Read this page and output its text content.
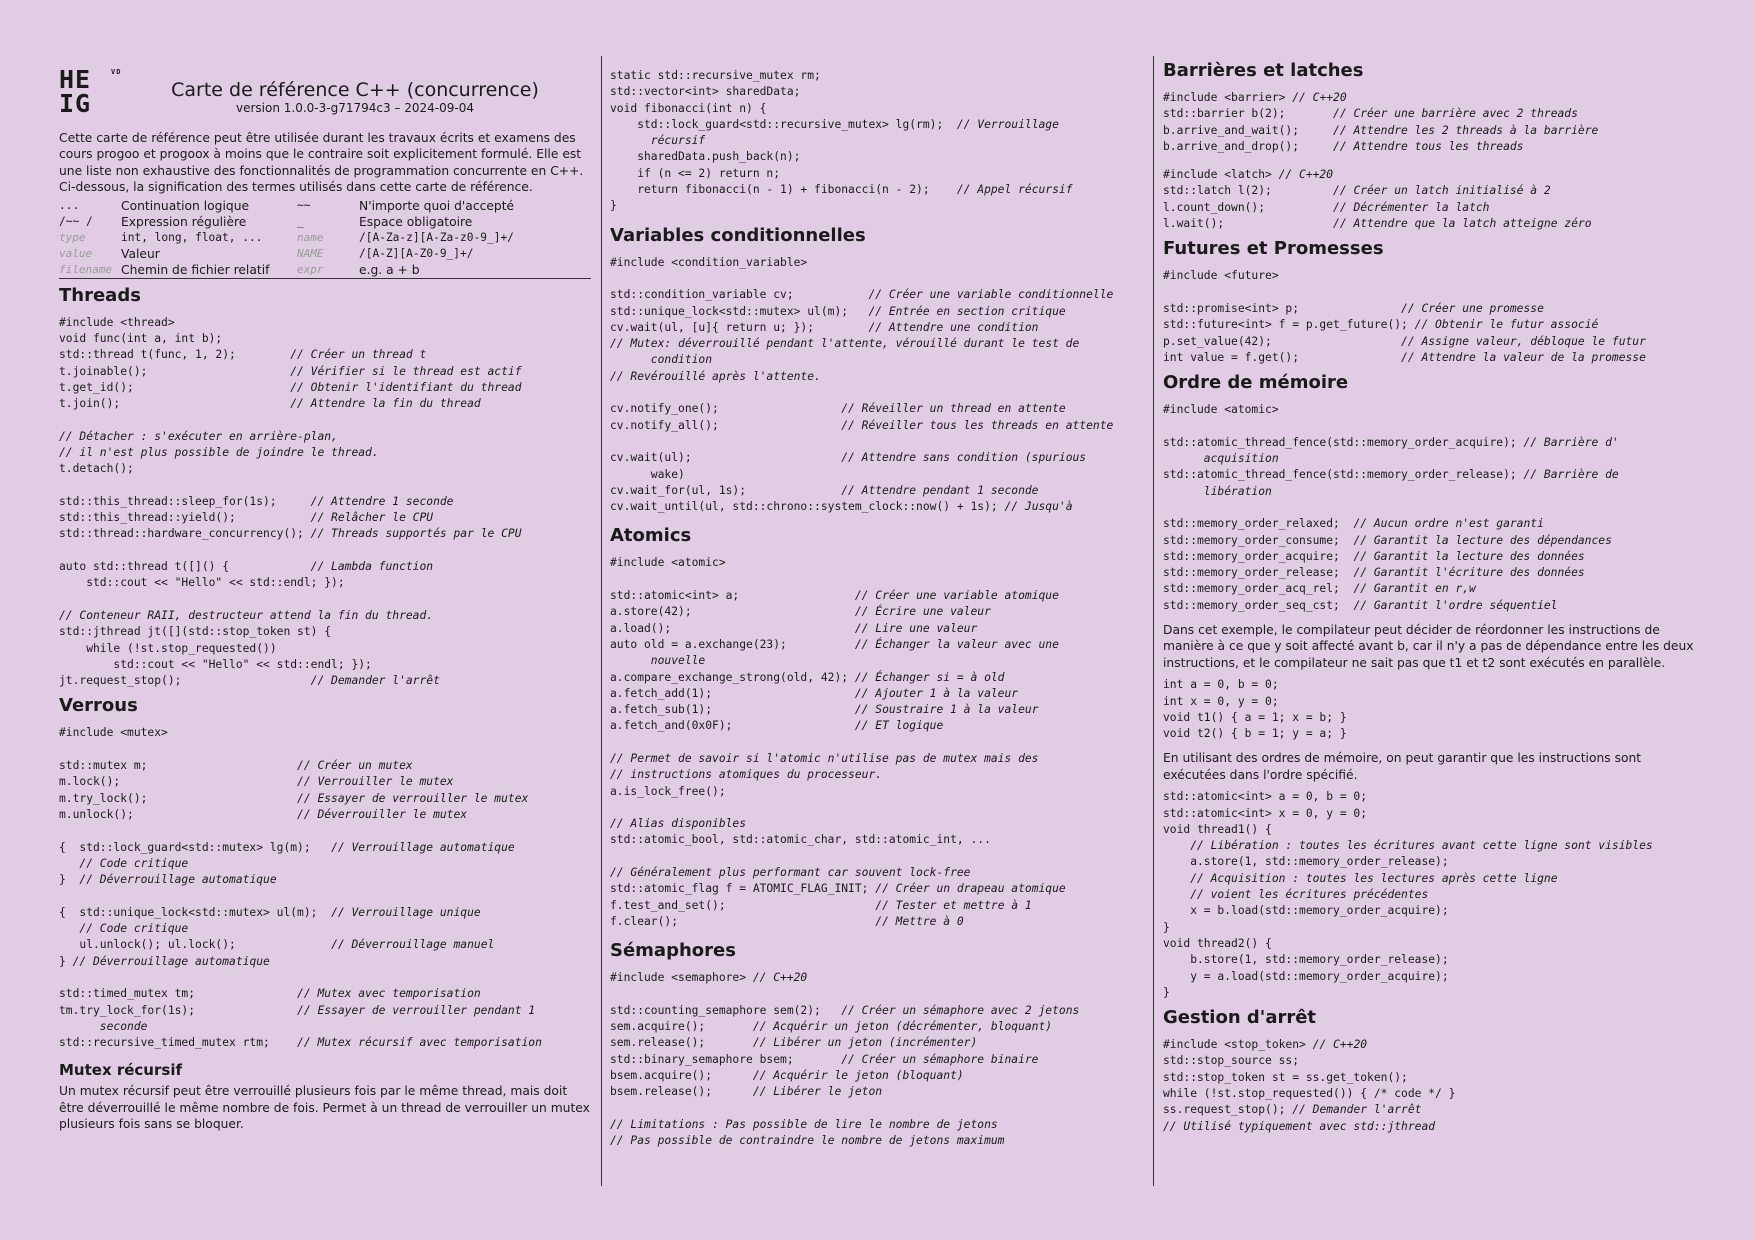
HE
IG
VD
Carte de référence C++ (concurrence)
version 1.0.0-3-g71794c3 – 2024-09-04

Cette carte de référence peut être utilisée durant les travaux écrits et examens des cours progoo et progoox à moins que le contraire soit explicitement formulé. Elle est une liste non exhaustive des fonctionnalités de programmation concurrente en C++. Ci-dessous, la signification des termes utilisés dans cette carte de référence.

...	Continuation logique	~~	N'importe quoi d'accepté
/~~ /	Expression régulière	_	Espace obligatoire
type	int, long, float, ...	name	/[A-Za-z][A-Za-z0-9_]+/
value	Valeur	NAME	/[A-Z][A-Z0-9_]+/
filename	Chemin de fichier relatif	expr	e.g. a + b
Threads
#include <thread>
void func(int a, int b);
std::thread t(func, 1, 2);	// Créer un thread t
t.joinable();	// Vérifier si le thread est actif
t.get_id();	// Obtenir l'identifiant du thread
t.join();	// Attendre la fin du thread

// Détacher : s'exécuter en arrière-plan,
// il n'est plus possible de joindre le thread.
t.detach();

std::this_thread::sleep_for(1s);	// Attendre 1 seconde
std::this_thread::yield();	// Relâcher le CPU
std::thread::hardware_concurrency(); // Threads supportés par le CPU

auto std::thread t([]() {	// Lambda function
std::cout << "Hello" << std::endl; });

// Conteneur RAII, destructeur attend la fin du thread.
std::jthread jt([](std::stop_token st) {
while (!st.stop_requested())
std::cout << "Hello" << std::endl; });
jt.request_stop();	// Demander l'arrêt
Verrous
#include <mutex>

std::mutex m;	// Créer un mutex
m.lock();	// Verrouiller le mutex
m.try_lock();	// Essayer de verrouiller le mutex
m.unlock();	// Déverrouiller le mutex

{  std::lock_guard<std::mutex> lg(m);   // Verrouillage automatique
// Code critique
}  // Déverrouillage automatique

{  std::unique_lock<std::mutex> ul(m);  // Verrouillage unique
// Code critique
ul.unlock(); ul.lock();	// Déverrouillage manuel
} // Déverrouillage automatique

std::timed_mutex tm;	// Mutex avec temporisation
tm.try_lock_for(1s);	// Essayer de verrouiller pendant 1
seconde
std::recursive_timed_mutex rtm;    // Mutex récursif avec temporisation
Mutex récursif

Un mutex récursif peut être verrouillé plusieurs fois par le même thread, mais doit être déverrouillé le même nombre de fois. Permet à un thread de verrouiller un mutex plusieurs fois sans se bloquer.

static std::recursive_mutex rm;
std::vector<int> sharedData;
void fibonacci(int n) {
std::lock_guard<std::recursive_mutex> lg(rm);  // Verrouillage
récursif
sharedData.push_back(n);
if (n <= 2) return n;
return fibonacci(n - 1) + fibonacci(n - 2);    // Appel récursif
}
Variables conditionnelles
#include <condition_variable>

std::condition_variable cv;	// Créer une variable conditionnelle
std::unique_lock<std::mutex> ul(m);   // Entrée en section critique
cv.wait(ul, [u]{ return u; });	// Attendre une condition
// Mutex: déverrouillé pendant l'attente, vérouillé durant le test de
condition
// Revérouillé après l'attente.

cv.notify_one();	// Réveiller un thread en attente
cv.notify_all();	// Réveiller tous les threads en attente

cv.wait(ul);	// Attendre sans condition (spurious
wake)
cv.wait_for(ul, 1s);	// Attendre pendant 1 seconde
cv.wait_until(ul, std::chrono::system_clock::now() + 1s); // Jusqu'à
Atomics
#include <atomic>

std::atomic<int> a;	// Créer une variable atomique
a.store(42);	// Écrire une valeur
a.load();	// Lire une valeur
auto old = a.exchange(23);	// Échanger la valeur avec une
nouvelle
a.compare_exchange_strong(old, 42); // Échanger si = à old
a.fetch_add(1);	// Ajouter 1 à la valeur
a.fetch_sub(1);	// Soustraire 1 à la valeur
a.fetch_and(0x0F);	// ET logique

// Permet de savoir si l'atomic n'utilise pas de mutex mais des
// instructions atomiques du processeur.
a.is_lock_free();

// Alias disponibles
std::atomic_bool, std::atomic_char, std::atomic_int, ...

// Généralement plus performant car souvent lock-free
std::atomic_flag f = ATOMIC_FLAG_INIT; // Créer un drapeau atomique
f.test_and_set();	// Tester et mettre à 1
f.clear();	// Mettre à 0
Sémaphores
#include <semaphore> // C++20

std::counting_semaphore sem(2);   // Créer un sémaphore avec 2 jetons
sem.acquire();	// Acquérir un jeton (décrémenter, bloquant)
sem.release();	// Libérer un jeton (incrémenter)
std::binary_semaphore bsem;	// Créer un sémaphore binaire
bsem.acquire();	// Acquérir le jeton (bloquant)
bsem.release();	// Libérer le jeton

// Limitations : Pas possible de lire le nombre de jetons
// Pas possible de contraindre le nombre de jetons maximum
Barrières et latches
#include <barrier> // C++20
std::barrier b(2);	// Créer une barrière avec 2 threads
b.arrive_and_wait();	// Attendre les 2 threads à la barrière
b.arrive_and_drop();	// Attendre tous les threads
#include <latch> // C++20
std::latch l(2);	// Créer un latch initialisé à 2
l.count_down();	// Décrémenter la latch
l.wait();	// Attendre que la latch atteigne zéro
Futures et Promesses
#include <future>

std::promise<int> p;	// Créer une promesse
std::future<int> f = p.get_future(); // Obtenir le futur associé
p.set_value(42);	// Assigne valeur, débloque le futur
int value = f.get();	// Attendre la valeur de la promesse
Ordre de mémoire
#include <atomic>

std::atomic_thread_fence(std::memory_order_acquire); // Barrière d'
acquisition
std::atomic_thread_fence(std::memory_order_release); // Barrière de
libération

std::memory_order_relaxed;  // Aucun ordre n'est garanti
std::memory_order_consume;  // Garantit la lecture des dépendances
std::memory_order_acquire;  // Garantit la lecture des données
std::memory_order_release;  // Garantit l'écriture des données
std::memory_order_acq_rel;  // Garantit en r,w
std::memory_order_seq_cst;  // Garantit l'ordre séquentiel

Dans cet exemple, le compilateur peut décider de réordonner les instructions de manière à ce que y soit affecté avant b, car il n'y a pas de dépendance entre les deux instructions, et le compilateur ne sait pas que t1 et t2 sont exécutés en parallèle.

int a = 0, b = 0;
int x = 0, y = 0;
void t1() { a = 1; x = b; }
void t2() { b = 1; y = a; }

En utilisant des ordres de mémoire, on peut garantir que les instructions sont exécutées dans l'ordre spécifié.

std::atomic<int> a = 0, b = 0;
std::atomic<int> x = 0, y = 0;
void thread1() {
// Libération : toutes les écritures avant cette ligne sont visibles
a.store(1, std::memory_order_release);
// Acquisition : toutes les lectures après cette ligne
// voient les écritures précédentes
x = b.load(std::memory_order_acquire);
}
void thread2() {
b.store(1, std::memory_order_release);
y = a.load(std::memory_order_acquire);
}
Gestion d'arrêt
#include <stop_token> // C++20
std::stop_source ss;
std::stop_token st = ss.get_token();
while (!st.stop_requested()) { /* code */ }
ss.request_stop(); // Demander l'arrêt
// Utilisé typiquement avec std::jthread
